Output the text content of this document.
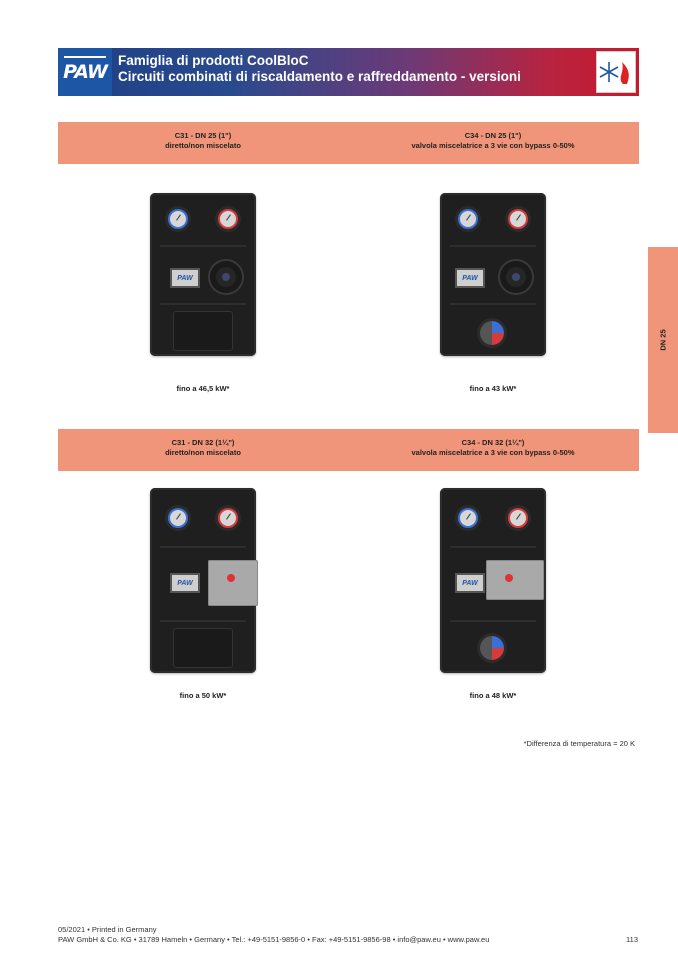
PAW
Famiglia di prodotti CoolBloC
Circuiti combinati di riscaldamento e raffreddamento - versioni
C31 - DN 25 (1")
diretto/non miscelato
C34 - DN 25 (1")
valvola miscelatrice a 3 vie con bypass 0-50%
DN 25
PAW	PAW
fino a 46,5 kW*	fino a 43 kW*
C31 - DN 32 (1¼")
diretto/non miscelato
C34 - DN 32 (1¼")
valvola miscelatrice a 3 vie con bypass 0-50%
PAW	PAW
fino a 50 kW*	fino a 48 kW*
*Differenza di temperatura = 20 K
05/2021 • Printed in Germany
PAW GmbH & Co. KG • 31789 Hameln • Germany • Tel.: +49-5151-9856-0 • Fax: +49-5151-9856-98 • info@paw.eu • www.paw.eu	113
